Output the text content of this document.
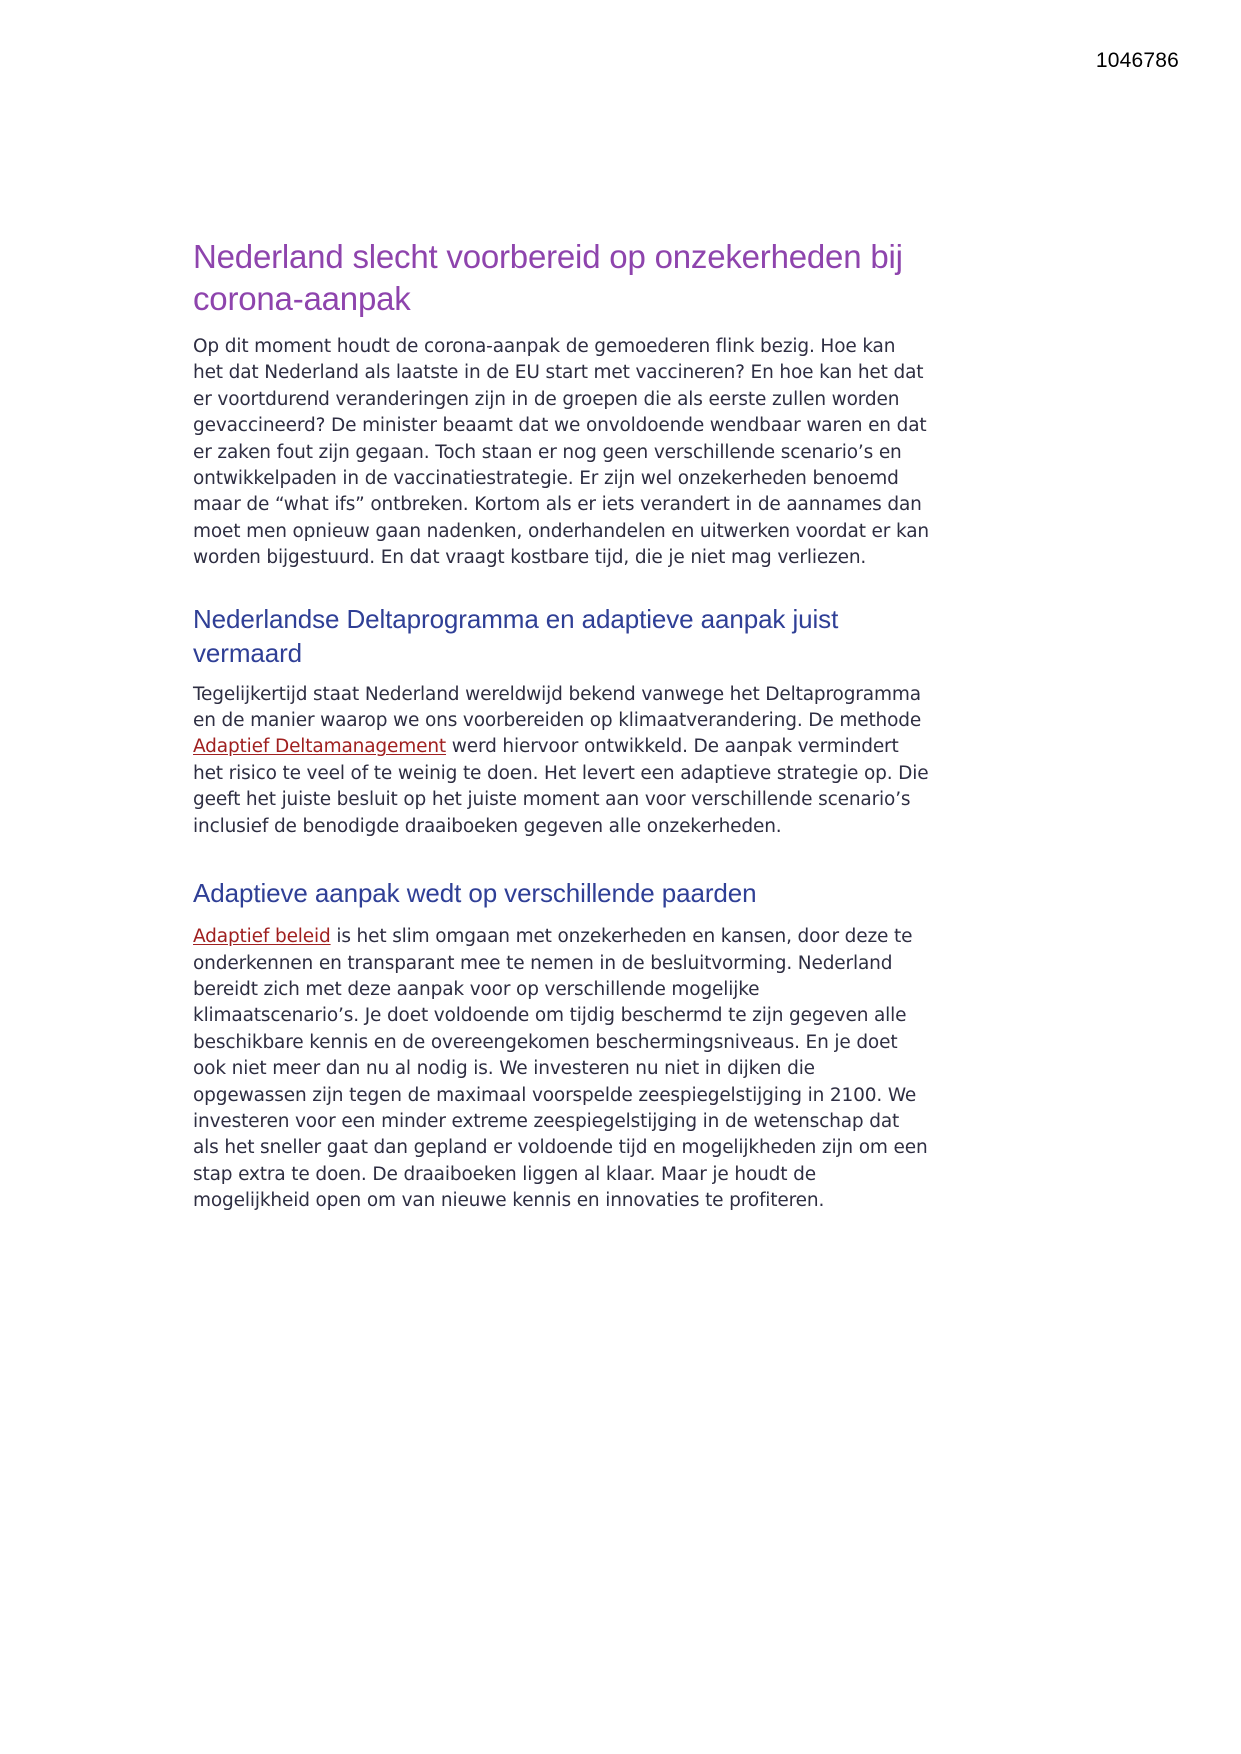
1046786
Nederland slecht voorbereid op onzekerheden bij corona-aanpak

Op dit moment houdt de corona-aanpak de gemoederen flink bezig. Hoe kan het dat Nederland als laatste in de EU start met vaccineren? En hoe kan het dat er voortdurend veranderingen zijn in de groepen die als eerste zullen worden gevaccineerd? De minister beaamt dat we onvoldoende wendbaar waren en dat er zaken fout zijn gegaan. Toch staan er nog geen verschillende scenario’s en ontwikkelpaden in de vaccinatiestrategie. Er zijn wel onzekerheden benoemd maar de “what ifs” ontbreken. Kortom als er iets verandert in de aannames dan moet men opnieuw gaan nadenken, onderhandelen en uitwerken voordat er kan worden bijgestuurd. En dat vraagt kostbare tijd, die je niet mag verliezen.

Nederlandse Deltaprogramma en adaptieve aanpak juist vermaard

Tegelijkertijd staat Nederland wereldwijd bekend vanwege het Deltaprogramma en de manier waarop we ons voorbereiden op klimaatverandering. De methode Adaptief Deltamanagement werd hiervoor ontwikkeld. De aanpak vermindert het risico te veel of te weinig te doen. Het levert een adaptieve strategie op. Die geeft het juiste besluit op het juiste moment aan voor verschillende scenario’s inclusief de benodigde draaiboeken gegeven alle onzekerheden.

Adaptieve aanpak wedt op verschillende paarden

Adaptief beleid is het slim omgaan met onzekerheden en kansen, door deze te onderkennen en transparant mee te nemen in de besluitvorming. Nederland bereidt zich met deze aanpak voor op verschillende mogelijke klimaatscenario’s. Je doet voldoende om tijdig beschermd te zijn gegeven alle beschikbare kennis en de overeengekomen beschermingsniveaus. En je doet ook niet meer dan nu al nodig is. We investeren nu niet in dijken die opgewassen zijn tegen de maximaal voorspelde zeespiegelstijging in 2100. We investeren voor een minder extreme zeespiegelstijging in de wetenschap dat als het sneller gaat dan gepland er voldoende tijd en mogelijkheden zijn om een stap extra te doen. De draaiboeken liggen al klaar. Maar je houdt de mogelijkheid open om van nieuwe kennis en innovaties te profiteren.
